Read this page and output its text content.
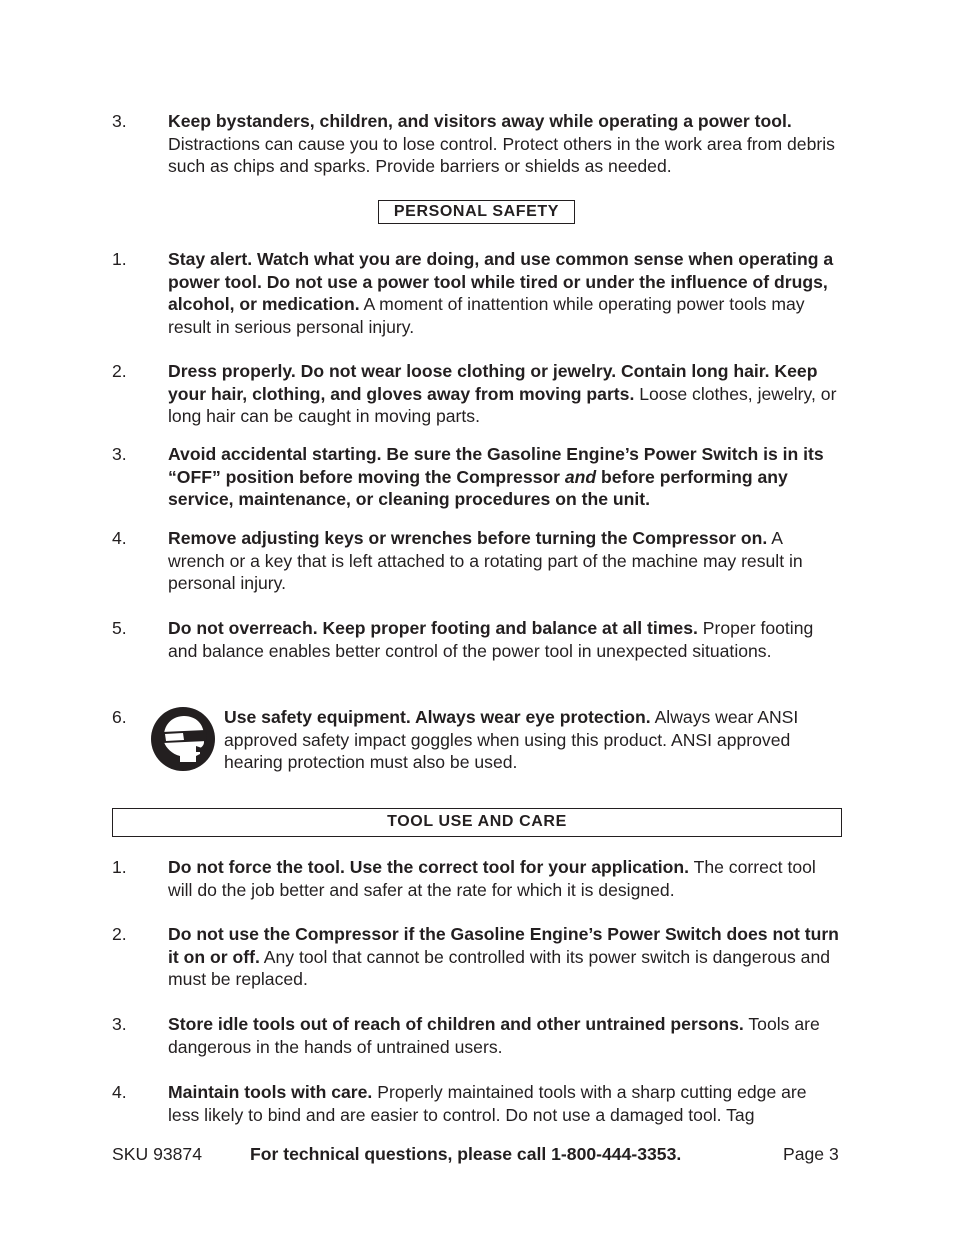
3.	Keep bystanders, children, and visitors away while operating a power tool. Distractions can cause you to lose control. Protect others in the work area from debris such as chips and sparks. Provide barriers or shields as needed.
PERSONAL SAFETY
1.	Stay alert. Watch what you are doing, and use common sense when operating a power tool. Do not use a power tool while tired or under the influence of drugs, alcohol, or medication. A moment of inattention while operating power tools may result in serious personal injury.
2.	Dress properly. Do not wear loose clothing or jewelry. Contain long hair. Keep your hair, clothing, and gloves away from moving parts. Loose clothes, jewelry, or long hair can be caught in moving parts.
3.	Avoid accidental starting. Be sure the Gasoline Engine’s Power Switch is in its “OFF” position before moving the Compressor and before performing any service, maintenance, or cleaning procedures on the unit.
4.	Remove adjusting keys or wrenches before turning the Compressor on. A wrench or a key that is left attached to a rotating part of the machine may result in personal injury.
5.	Do not overreach. Keep proper footing and balance at all times. Proper footing and balance enables better control of the power tool in unexpected situations.
6.	Use safety equipment. Always wear eye protection. Always wear ANSI approved safety impact goggles when using this product. ANSI approved hearing protection must also be used.
TOOL USE AND CARE
1.	Do not force the tool. Use the correct tool for your application. The correct tool will do the job better and safer at the rate for which it is designed.
2.	Do not use the Compressor if the Gasoline Engine’s Power Switch does not turn it on or off. Any tool that cannot be controlled with its power switch is dangerous and must be replaced.
3.	Store idle tools out of reach of children and other untrained persons. Tools are dangerous in the hands of untrained users.
4.	Maintain tools with care. Properly maintained tools with a sharp cutting edge are less likely to bind and are easier to control. Do not use a damaged tool. Tag
SKU 93874	For technical questions, please call 1-800-444-3353.	Page 3
